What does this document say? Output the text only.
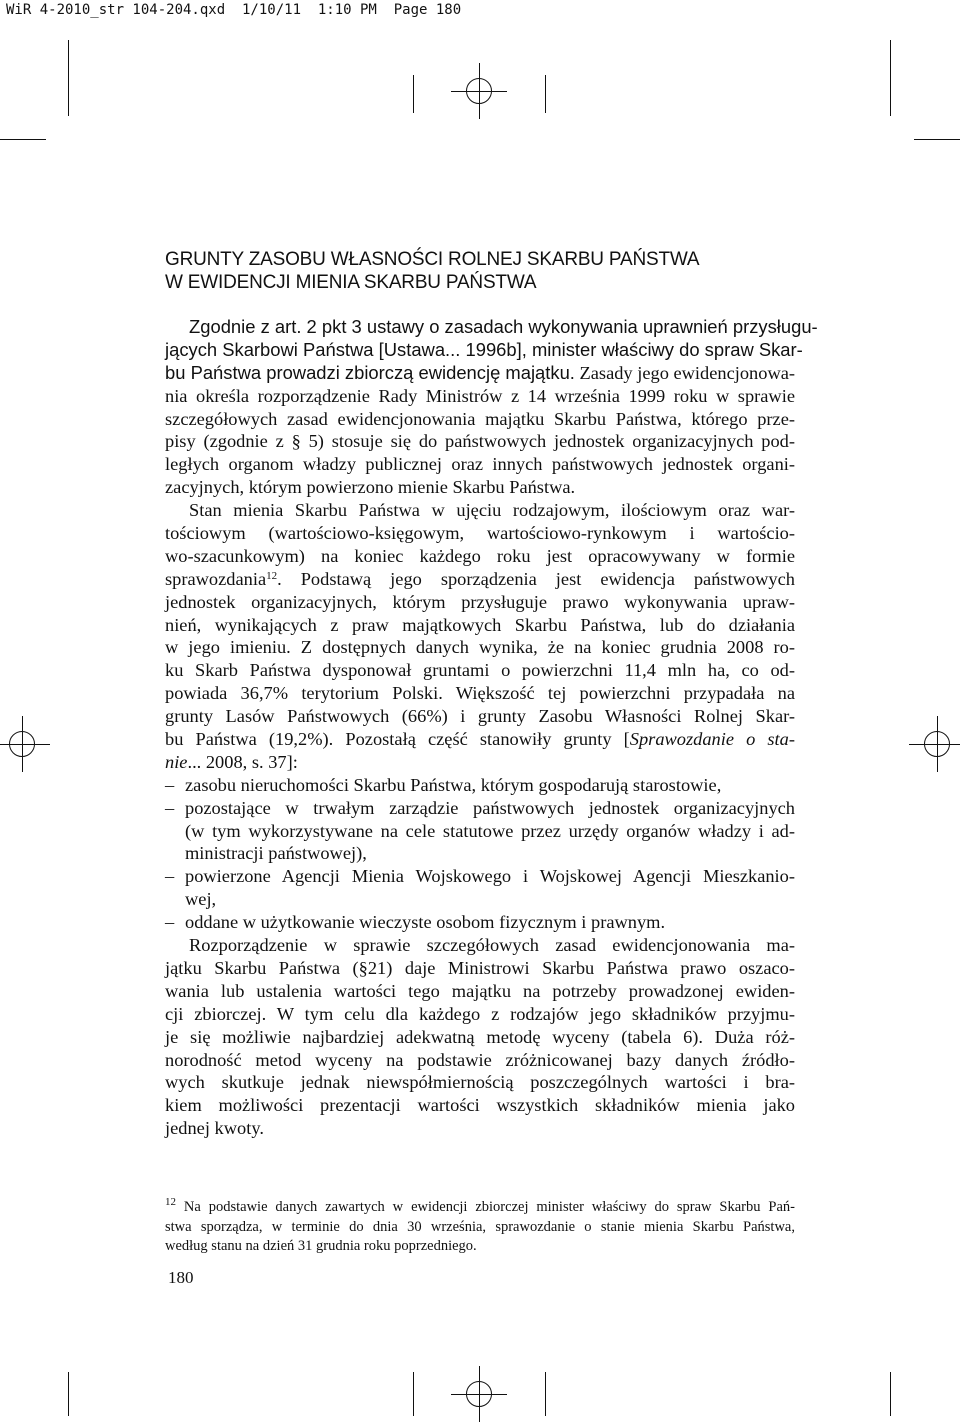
WiR 4-2010_str 104-204.qxd  1/10/11  1:10 PM  Page 180
GRUNTY ZASOBU WŁASNOŚCI ROLNEJ SKARBU PAŃSTWA
W EWIDENCJI MIENIA SKARBU PAŃSTWA
Zgodnie z art. 2 pkt 3 ustawy o zasadach wykonywania uprawnień przysługu-
jących Skarbowi Państwa [Ustawa... 1996b], minister właściwy do spraw Skar-
bu Państwa prowadzi zbiorczą ewidencję majątku. Zasady jego ewidencjonowa-
nia określa rozporządzenie Rady Ministrów z 14 września 1999 roku w sprawie
szczegółowych zasad ewidencjonowania majątku Skarbu Państwa, którego prze-
pisy (zgodnie z § 5) stosuje się do państwowych jednostek organizacyjnych pod-
ległych organom władzy publicznej oraz innych państwowych jednostek organi-
zacyjnych, którym powierzono mienie Skarbu Państwa.
Stan mienia Skarbu Państwa w ujęciu rodzajowym, ilościowym oraz war-
tościowym (wartościowo-księgowym, wartościowo-rynkowym i wartościo-
wo-szacunkowym) na koniec każdego roku jest opracowywany w formie
sprawozdania$^{12}$. Podstawą jego sporządzenia jest ewidencja państwowych
jednostek organizacyjnych, którym przysługuje prawo wykonywania upraw-
nień, wynikających z praw majątkowych Skarbu Państwa, lub do działania
w jego imieniu. Z dostępnych danych wynika, że na koniec grudnia 2008 ro-
ku Skarb Państwa dysponował gruntami o powierzchni 11,4 mln ha, co od-
powiada 36,7% terytorium Polski. Większość tej powierzchni przypadała na
grunty Lasów Państwowych (66%) i grunty Zasobu Własności Rolnej Skar-
bu Państwa (19,2%). Pozostałą część stanowiły grunty [Sprawozdanie o sta-
nie... 2008, s. 37]:
– zasobu nieruchomości Skarbu Państwa, którym gospodarują starostowie,
– pozostające w trwałym zarządzie państwowych jednostek organizacyjnych
(w tym wykorzystywane na cele statutowe przez urzędy organów władzy i ad-
ministracji państwowej),
– powierzone Agencji Mienia Wojskowego i Wojskowej Agencji Mieszkanio-
wej,
– oddane w użytkowanie wieczyste osobom fizycznym i prawnym.
Rozporządzenie w sprawie szczegółowych zasad ewidencjonowania ma-
jątku Skarbu Państwa (§21) daje Ministrowi Skarbu Państwa prawo oszaco-
wania lub ustalenia wartości tego majątku na potrzeby prowadzonej ewiden-
cji zbiorczej. W tym celu dla każdego z rodzajów jego składników przyjmu-
je się możliwie najbardziej adekwatną metodę wyceny (tabela 6). Duża róż-
norodność metod wyceny na podstawie zróżnicowanej bazy danych źródło-
wych skutkuje jednak niewspółmiernością poszczególnych wartości i bra-
kiem możliwości prezentacji wartości wszystkich składników mienia jako
jednej kwoty.
$^{12}$ Na podstawie danych zawartych w ewidencji zbiorczej minister właściwy do spraw Skarbu Pań-
stwa sporządza, w terminie do dnia 30 września, sprawozdanie o stanie mienia Skarbu Państwa,
według stanu na dzień 31 grudnia roku poprzedniego.
180
